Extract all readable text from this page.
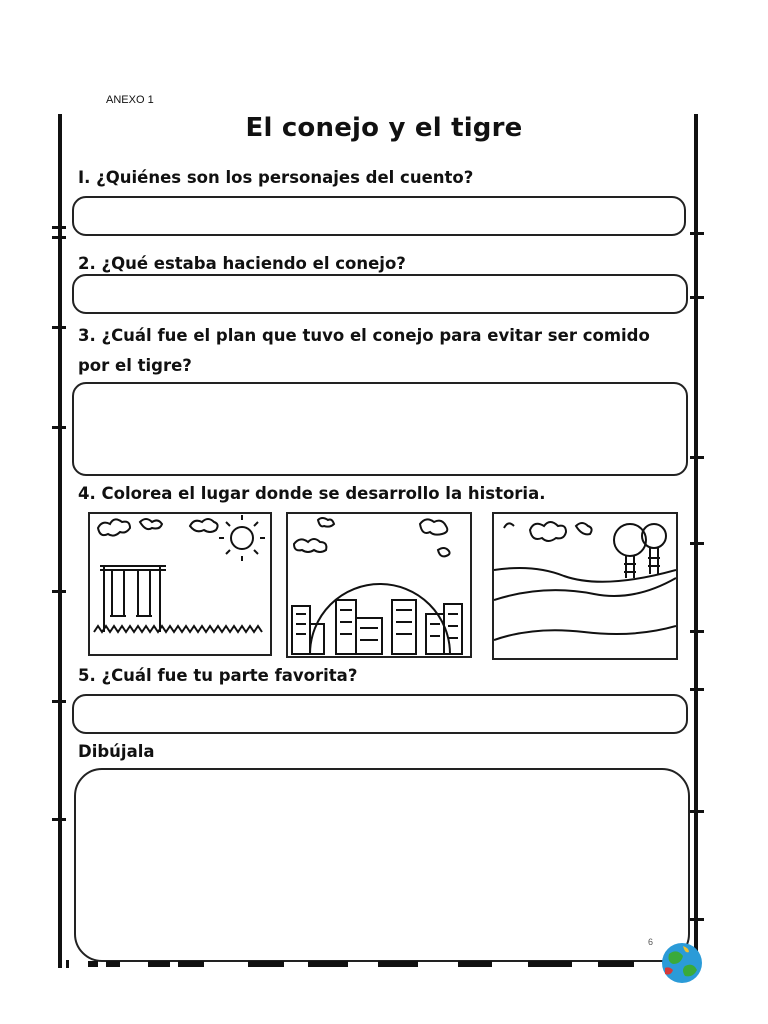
ANEXO 1
El conejo y el tigre
I. ¿Quiénes son los personajes del cuento?
2. ¿Qué estaba haciendo el conejo?
3. ¿Cuál fue el plan que tuvo el conejo para evitar ser comido
por el tigre?
4. Colorea el lugar donde se desarrollo la historia.
5. ¿Cuál fue tu parte favorita?
Dibújala
6
